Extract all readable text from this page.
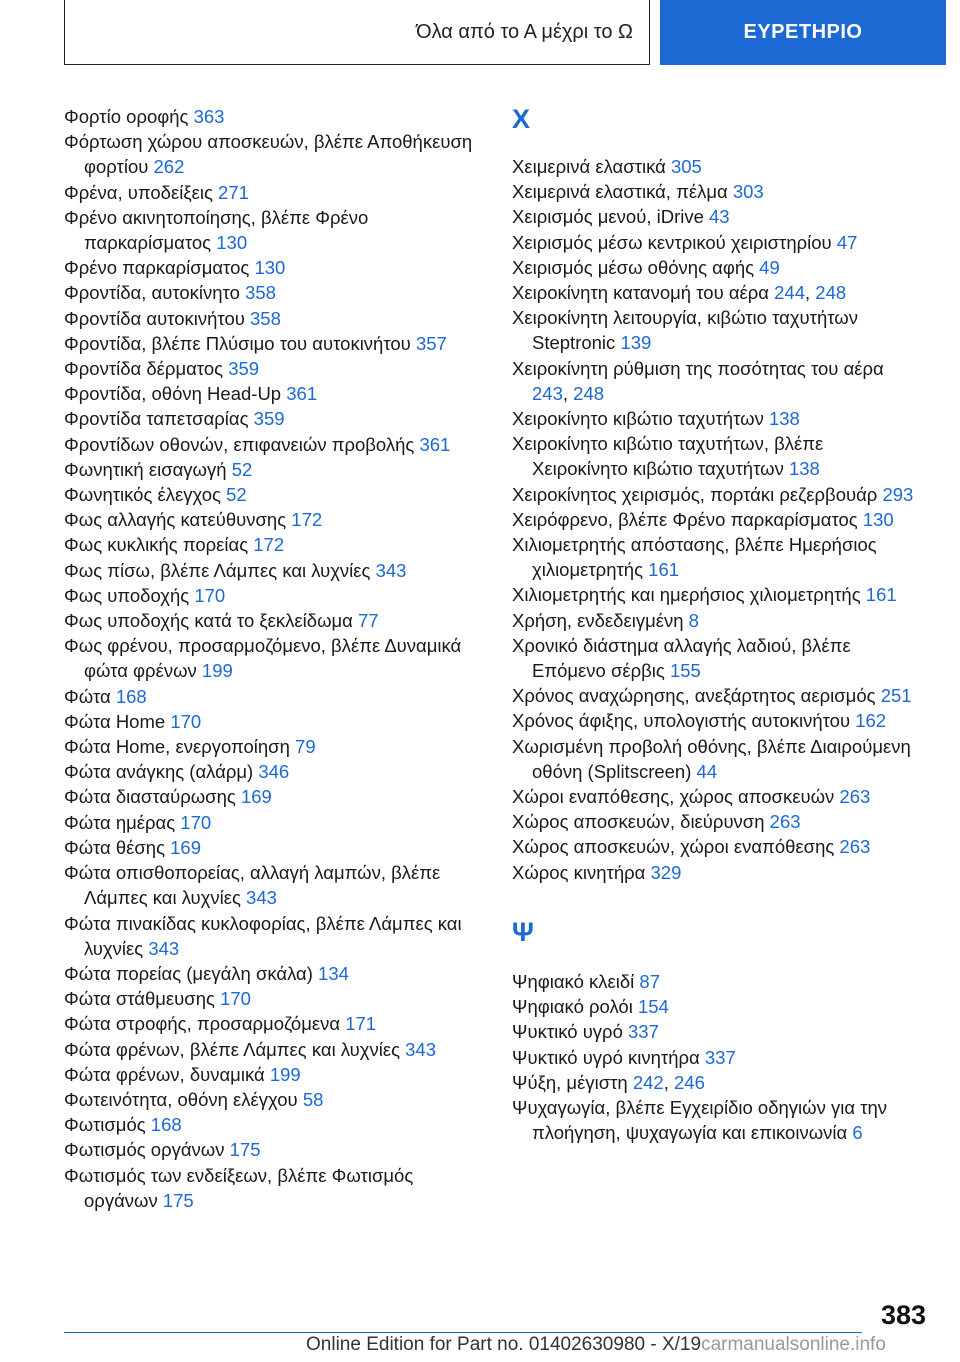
Όλα από το Α μέχρι το Ω	ΕΥΡΕΤΗΡΙΟ
Φορτίο οροφής 363
Φόρτωση χώρου αποσκευών, βλέπε Αποθήκευση φορτίου 262
Φρένα, υποδείξεις 271
Φρένο ακινητοποίησης, βλέπε Φρένο παρκαρίσματος 130
Φρένο παρκαρίσματος 130
Φροντίδα, αυτοκίνητο 358
Φροντίδα αυτοκινήτου 358
Φροντίδα, βλέπε Πλύσιμο του αυτοκινήτου 357
Φροντίδα δέρματος 359
Φροντίδα, οθόνη Head-Up 361
Φροντίδα ταπετσαρίας 359
Φροντίδων οθονών, επιφανειών προβολής 361
Φωνητική εισαγωγή 52
Φωνητικός έλεγχος 52
Φως αλλαγής κατεύθυνσης 172
Φως κυκλικής πορείας 172
Φως πίσω, βλέπε Λάμπες και λυχνίες 343
Φως υποδοχής 170
Φως υποδοχής κατά το ξεκλείδωμα 77
Φως φρένου, προσαρμοζόμενο, βλέπε Δυναμικά φώτα φρένων 199
Φώτα 168
Φώτα Home 170
Φώτα Home, ενεργοποίηση 79
Φώτα ανάγκης (αλάρμ) 346
Φώτα διασταύρωσης 169
Φώτα ημέρας 170
Φώτα θέσης 169
Φώτα οπισθοπορείας, αλλαγή λαμπών, βλέπε Λάμπες και λυχνίες 343
Φώτα πινακίδας κυκλοφορίας, βλέπε Λάμπες και λυχνίες 343
Φώτα πορείας (μεγάλη σκάλα) 134
Φώτα στάθμευσης 170
Φώτα στροφής, προσαρμοζόμενα 171
Φώτα φρένων, βλέπε Λάμπες και λυχνίες 343
Φώτα φρένων, δυναμικά 199
Φωτεινότητα, οθόνη ελέγχου 58
Φωτισμός 168
Φωτισμός οργάνων 175
Φωτισμός των ενδείξεων, βλέπε Φωτισμός οργάνων 175
X
Χειμερινά ελαστικά 305
Χειμερινά ελαστικά, πέλμα 303
Χειρισμός μενού, iDrive 43
Χειρισμός μέσω κεντρικού χειριστηρίου 47
Χειρισμός μέσω οθόνης αφής 49
Χειροκίνητη κατανομή του αέρα 244, 248
Χειροκίνητη λειτουργία, κιβώτιο ταχυτήτων Steptronic 139
Χειροκίνητη ρύθμιση της ποσότητας του αέρα 243, 248
Χειροκίνητο κιβώτιο ταχυτήτων 138
Χειροκίνητο κιβώτιο ταχυτήτων, βλέπε Χειροκίνητο κιβώτιο ταχυτήτων 138
Χειροκίνητος χειρισμός, πορτάκι ρεζερβουάρ 293
Χειρόφρενο, βλέπε Φρένο παρκαρίσματος 130
Χιλιομετρητής απόστασης, βλέπε Ημερήσιος χιλιομετρητής 161
Χιλιομετρητής και ημερήσιος χιλιομετρητής 161
Χρήση, ενδεδειγμένη 8
Χρονικό διάστημα αλλαγής λαδιού, βλέπε Επόμενο σέρβις 155
Χρόνος αναχώρησης, ανεξάρτητος αερισμός 251
Χρόνος άφιξης, υπολογιστής αυτοκινήτου 162
Χωρισμένη προβολή οθόνης, βλέπε Διαιρούμενη οθόνη (Splitscreen) 44
Χώροι εναπόθεσης, χώρος αποσκευών 263
Χώρος αποσκευών, διεύρυνση 263
Χώρος αποσκευών, χώροι εναπόθεσης 263
Χώρος κινητήρα 329
Ψ
Ψηφιακό κλειδί 87
Ψηφιακό ρολόι 154
Ψυκτικό υγρό 337
Ψυκτικό υγρό κινητήρα 337
Ψύξη, μέγιστη 242, 246
Ψυχαγωγία, βλέπε Εγχειρίδιο οδηγιών για την πλοήγηση, ψυχαγωγία και επικοινωνία 6
383
Online Edition for Part no. 01402630980 - X/19carmanualsonline.info
